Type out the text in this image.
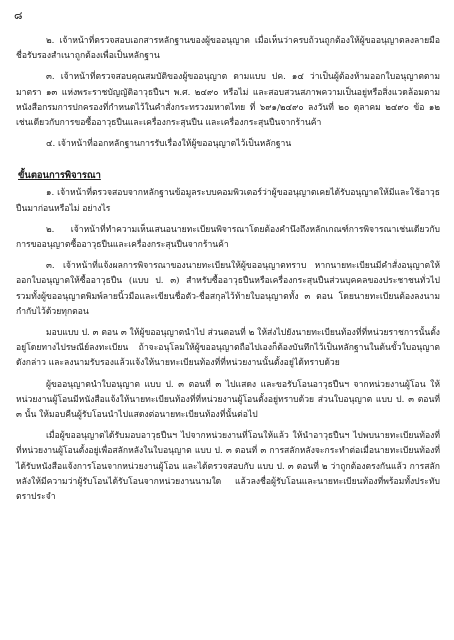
๘

๒. เจ้าหน้าที่ตรวจสอบเอกสารหลักฐานของผู้ขออนุญาต เมื่อเห็นว่าครบถ้วนถูกต้องให้ผู้ขออนุญาตลงลายมือชื่อรับรองสำเนาถูกต้องเพื่อเป็นหลักฐาน

๓. เจ้าหน้าที่ตรวจสอบคุณสมบัติของผู้ขออนุญาต ตามแบบ ปค. ๑๔ ว่าเป็นผู้ต้องห้ามออกใบอนุญาตตามมาตรา ๑๓ แห่งพระราชบัญญัติอาวุธปืนฯ พ.ศ. ๒๔๙๐ หรือไม่ และสอบสวนสภาพความเป็นอยู่หรือสิ่งแวดล้อมตามหนังสือกรมการปกครองที่กำหนดไว้ในคำสั่งกระทรวงมหาดไทย ที่ ๖๙๑/๒๔๙๐ ลงวันที่ ๒๐ ตุลาคม ๒๔๙๐ ข้อ ๑๒ เช่นเดียวกับการขอซื้ออาวุธปืนและเครื่องกระสุนปืน และเครื่องกระสุนปืนจากร้านค้า

๔. เจ้าหน้าที่ออกหลักฐานการรับเรื่องให้ผู้ขออนุญาตไว้เป็นหลักฐาน

ขั้นตอนการพิจารณา

๑. เจ้าหน้าที่ตรวจสอบจากหลักฐานข้อมูลระบบคอมพิวเตอร์ว่าผู้ขออนุญาตเคยได้รับอนุญาตให้มีและใช้อาวุธปืนมาก่อนหรือไม่ อย่างไร

๒. เจ้าหน้าที่ทำความเห็นเสนอนายทะเบียนพิจารณาโดยต้องคำนึงถึงหลักเกณฑ์การพิจารณาเช่นเดียวกับการขออนุญาตซื้ออาวุธปืนและเครื่องกระสุนปืนจากร้านค้า

๓. เจ้าหน้าที่แจ้งผลการพิจารณาของนายทะเบียนให้ผู้ขออนุญาตทราบ หากนายทะเบียนมีคำสั่งอนุญาตให้ออกใบอนุญาตให้ซื้ออาวุธปืน (แบบ ป. ๓) สำหรับซื้ออาวุธปืนหรือเครื่องกระสุนปืนส่วนบุคคลของประชาชนทั่วไป รวมทั้งผู้ขออนุญาตพิมพ์ลายนิ้วมือและเขียนชื่อตัว-ชื่อสกุลไว้ท้ายใบอนุญาตทั้ง ๓ ตอน โดยนายทะเบียนต้องลงนามกำกับไว้ด้วยทุกตอน

มอบแบบ ป. ๓ ตอน ๓ ให้ผู้ขออนุญาตนำไป ส่วนตอนที่ ๒ ให้ส่งไปยังนายทะเบียนท้องที่ที่หน่วยราชการนั้นตั้งอยู่โดยทางไปรษณีย์ลงทะเบียน ถ้าจะอนุโลมให้ผู้ขออนุญาตถือไปเองก็ต้องบันทึกไว้เป็นหลักฐานในต้นขั้วใบอนุญาตดังกล่าว และลงนามรับรองแล้วแจ้งให้นายทะเบียนท้องที่ที่หน่วยงานนั้นตั้งอยู่ได้ทราบด้วย

ผู้ขออนุญาตนำใบอนุญาต แบบ ป. ๓ ตอนที่ ๓ ไปแสดง และขอรับโอนอาวุธปืนฯ จากหน่วยงานผู้โอน ให้หน่วยงานผู้โอนมีหนังสือแจ้งให้นายทะเบียนท้องที่ที่หน่วยงานผู้โอนตั้งอยู่ทราบด้วย ส่วนใบอนุญาต แบบ ป. ๓ ตอนที่ ๓ นั้น ให้มอบคืนผู้รับโอนนำไปแสดงต่อนายทะเบียนท้องที่นั้นต่อไป

เมื่อผู้ขออนุญาตได้รับมอบอาวุธปืนฯ ไปจากหน่วยงานที่โอนให้แล้ว ให้นำอาวุธปืนฯ ไปพบนายทะเบียนท้องที่ที่หน่วยงานผู้โอนตั้งอยู่เพื่อสลักหลังในใบอนุญาต แบบ ป. ๓ ตอนที่ ๓ การสลักหลังจะกระทำต่อเมื่อนายทะเบียนท้องที่ได้รับหนังสือแจ้งการโอนจากหน่วยงานผู้โอน และได้ตรวจสอบกับ แบบ ป. ๓ ตอนที่ ๒ ว่าถูกต้องตรงกันแล้ว การสลักหลังให้มีความว่าผู้รับโอนได้รับโอนจากหน่วยงานนามใด แล้วลงชื่อผู้รับโอนและนายทะเบียนท้องที่พร้อมทั้งประทับตราประจำ
